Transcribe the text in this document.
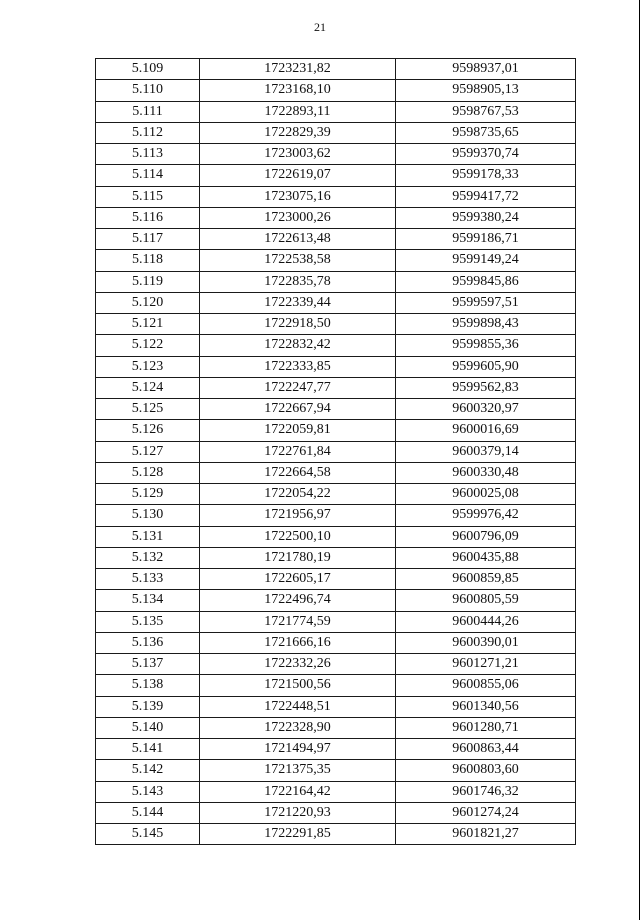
21
5.109	1723231,82	9598937,01
5.110	1723168,10	9598905,13
5.111	1722893,11	9598767,53
5.112	1722829,39	9598735,65
5.113	1723003,62	9599370,74
5.114	1722619,07	9599178,33
5.115	1723075,16	9599417,72
5.116	1723000,26	9599380,24
5.117	1722613,48	9599186,71
5.118	1722538,58	9599149,24
5.119	1722835,78	9599845,86
5.120	1722339,44	9599597,51
5.121	1722918,50	9599898,43
5.122	1722832,42	9599855,36
5.123	1722333,85	9599605,90
5.124	1722247,77	9599562,83
5.125	1722667,94	9600320,97
5.126	1722059,81	9600016,69
5.127	1722761,84	9600379,14
5.128	1722664,58	9600330,48
5.129	1722054,22	9600025,08
5.130	1721956,97	9599976,42
5.131	1722500,10	9600796,09
5.132	1721780,19	9600435,88
5.133	1722605,17	9600859,85
5.134	1722496,74	9600805,59
5.135	1721774,59	9600444,26
5.136	1721666,16	9600390,01
5.137	1722332,26	9601271,21
5.138	1721500,56	9600855,06
5.139	1722448,51	9601340,56
5.140	1722328,90	9601280,71
5.141	1721494,97	9600863,44
5.142	1721375,35	9600803,60
5.143	1722164,42	9601746,32
5.144	1721220,93	9601274,24
5.145	1722291,85	9601821,27
